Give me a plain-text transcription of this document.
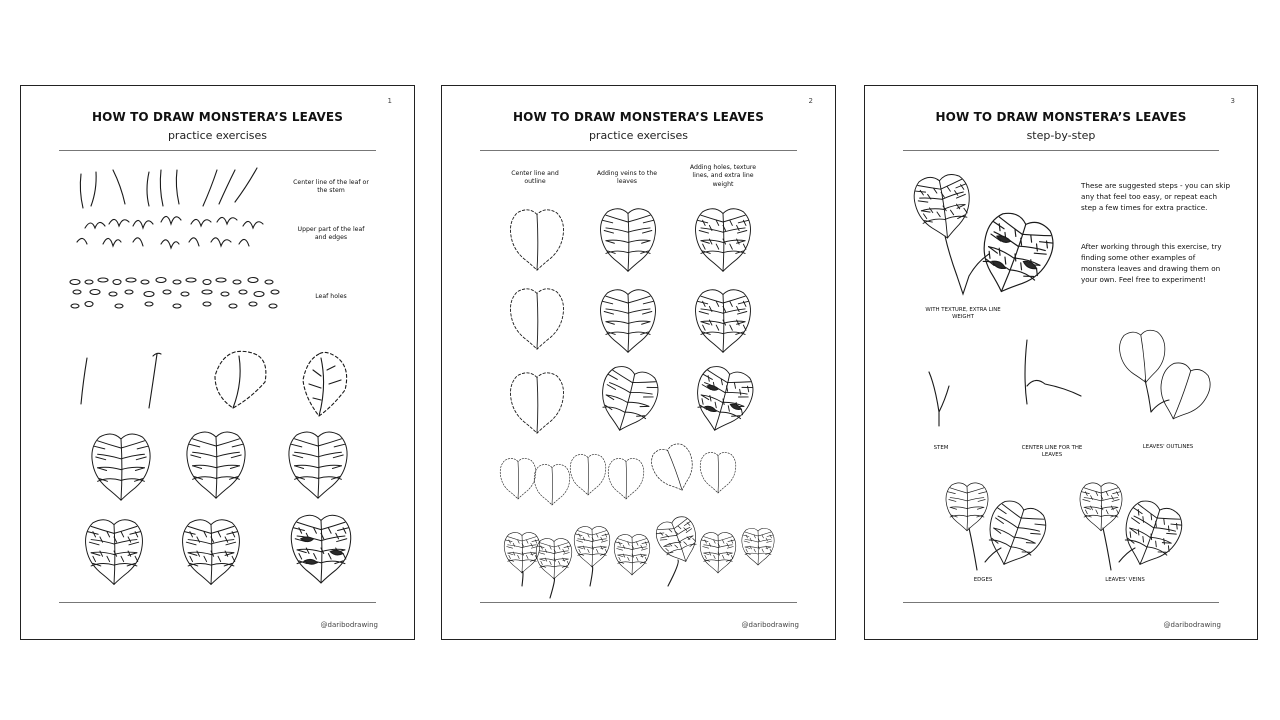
1
HOW TO DRAW MONSTERA’S LEAVES
practice exercises
Center line of the leaf or the stem
Upper part of the leaf and edges
Leaf holes
@daribodrawing
2
HOW TO DRAW MONSTERA’S LEAVES
practice exercises
Center line and outline
Adding veins to the leaves
Adding holes, texture lines, and extra line weight
@daribodrawing
3
HOW TO DRAW MONSTERA’S LEAVES
step-by-step

These are suggested steps - you can skip any that feel too easy, or repeat each step a few times for extra practice.

After working through this exercise, try finding some other examples of monstera leaves and drawing them on your own. Feel free to experiment!

WITH TEXTURE, EXTRA LINE WEIGHT
STEM	CENTER LINE FOR THE LEAVES
LEAVES' OUTLINES
EDGES	LEAVES' VEINS
@daribodrawing
